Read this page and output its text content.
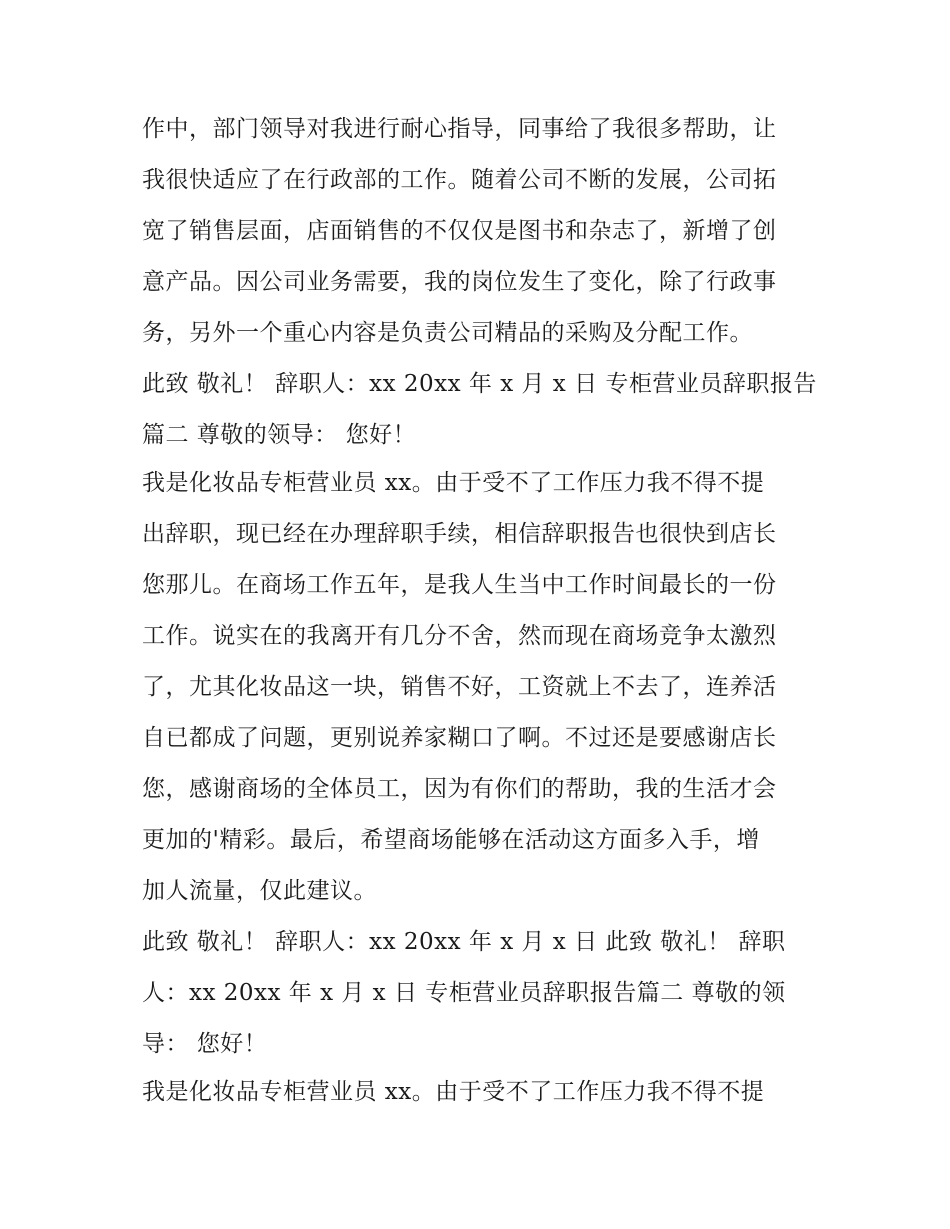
作中，部门领导对我进行耐心指导，同事给了我很多帮助，让
我很快适应了在行政部的工作。随着公司不断的发展，公司拓
宽了销售层面，店面销售的不仅仅是图书和杂志了，新增了创
意产品。因公司业务需要，我的岗位发生了变化，除了行政事
务，另外一个重心内容是负责公司精品的采购及分配工作。
此致 敬礼！ 辞职人：xx 20xx 年 x 月 x 日 专柜营业员辞职报告
篇二 尊敬的领导： 您好！
我是化妆品专柜营业员 xx。由于受不了工作压力我不得不提
出辞职，现已经在办理辞职手续，相信辞职报告也很快到店长
您那儿。在商场工作五年，是我人生当中工作时间最长的一份
工作。说实在的我离开有几分不舍，然而现在商场竞争太激烈
了，尤其化妆品这一块，销售不好，工资就上不去了，连养活
自已都成了问题，更别说养家糊口了啊。不过还是要感谢店长
您，感谢商场的全体员工，因为有你们的帮助，我的生活才会
更加的'精彩。最后，希望商场能够在活动这方面多入手，增
加人流量，仅此建议。
此致 敬礼！ 辞职人：xx 20xx 年 x 月 x 日 此致 敬礼！ 辞职
人：xx 20xx 年 x 月 x 日 专柜营业员辞职报告篇二 尊敬的领
导： 您好！
我是化妆品专柜营业员 xx。由于受不了工作压力我不得不提
